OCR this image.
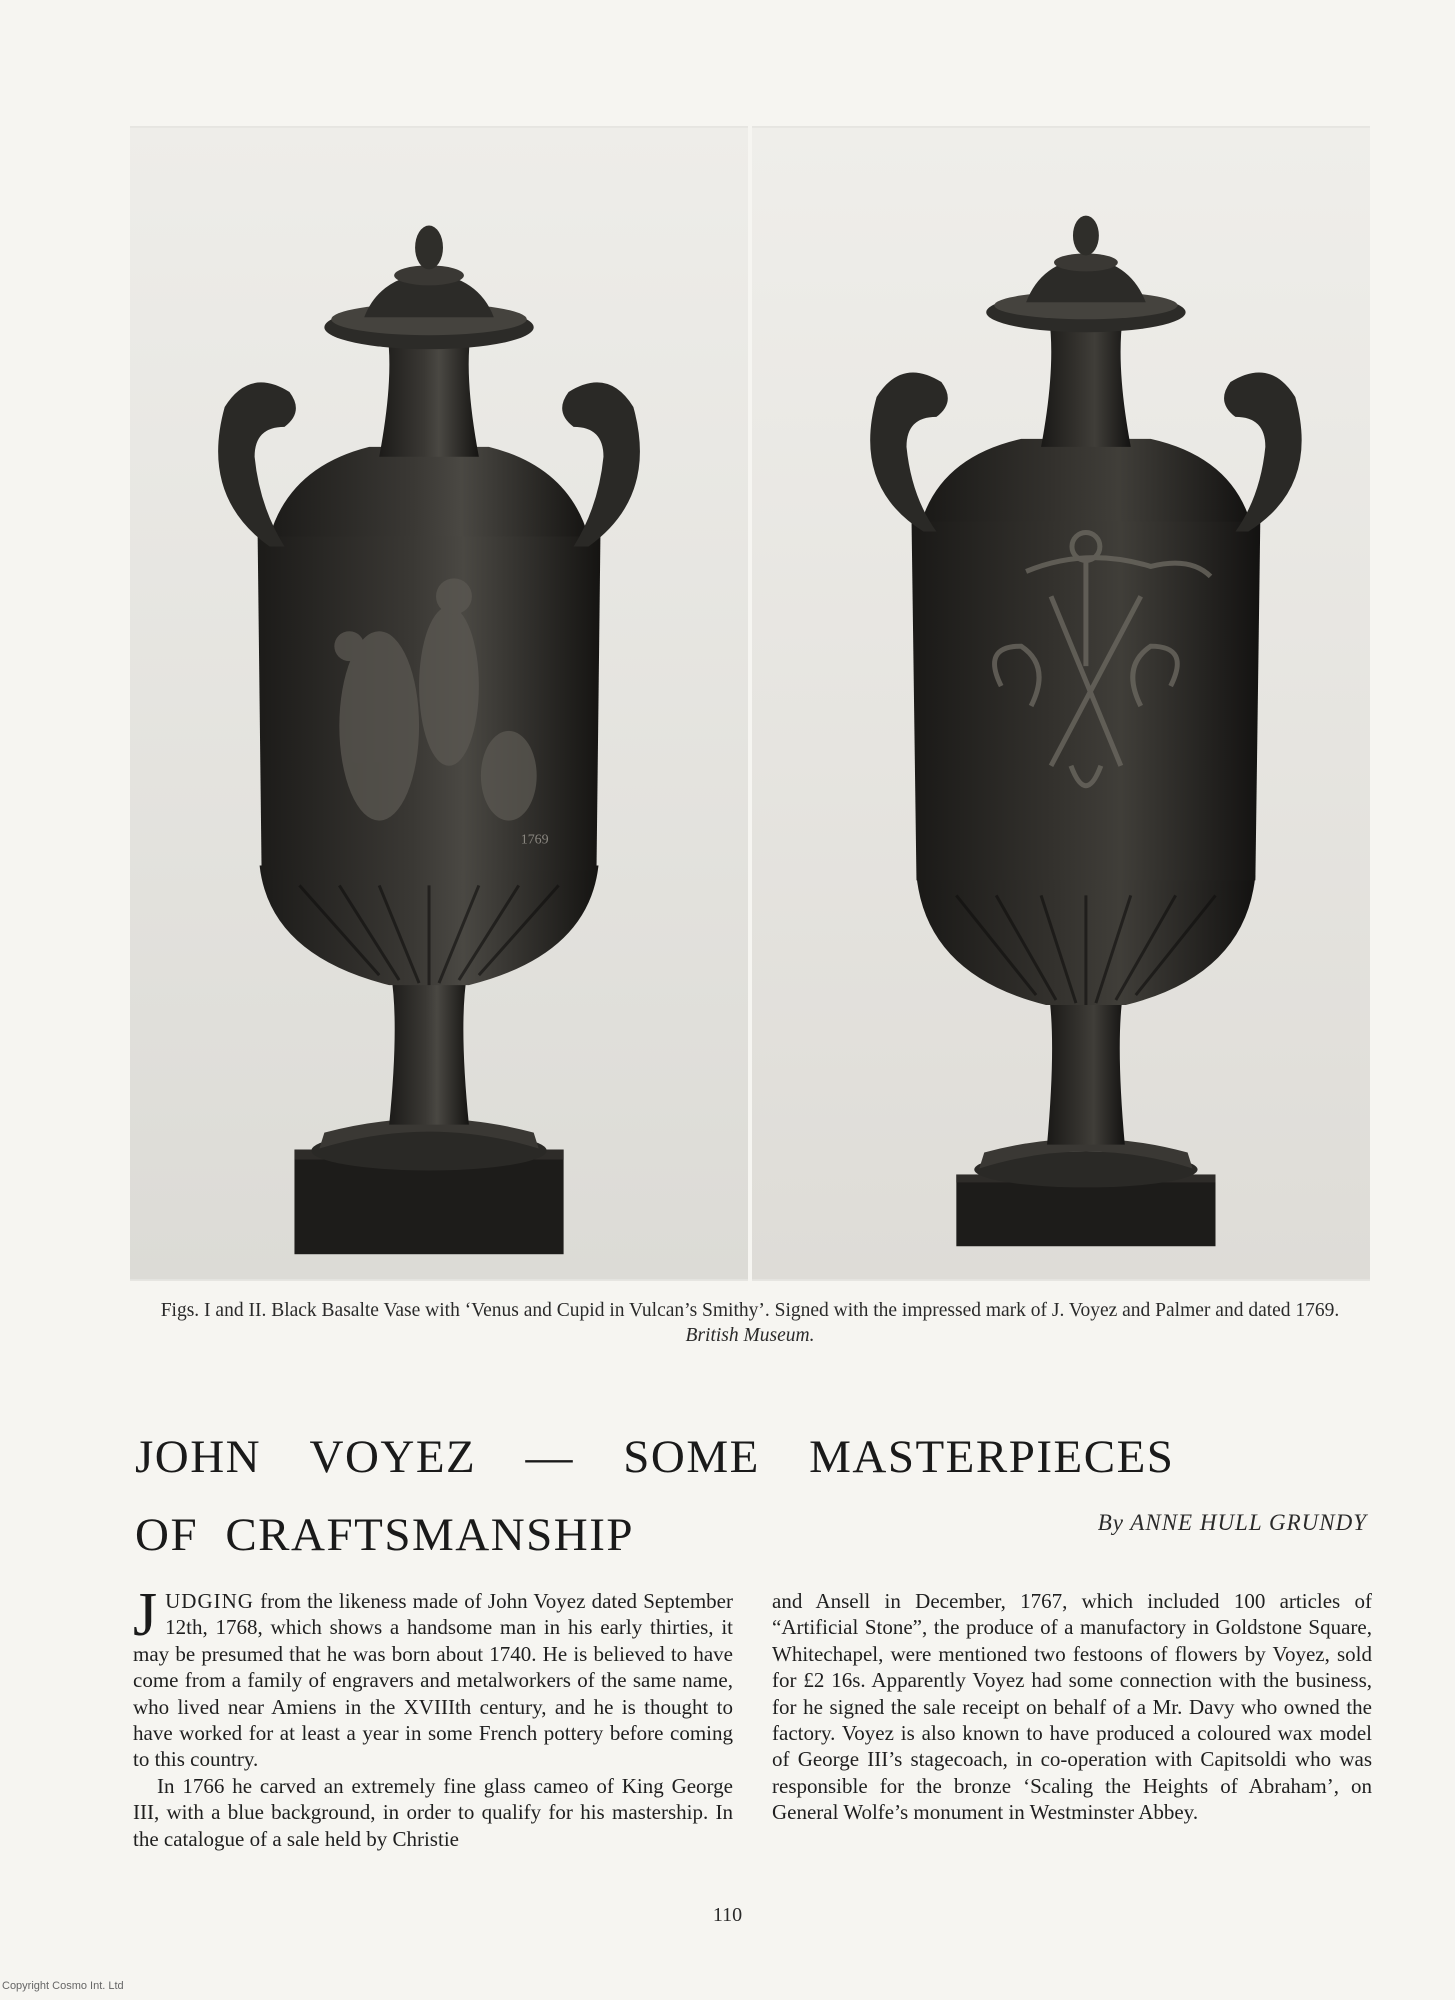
1769
Figs. I and II. Black Basalte Vase with ‘Venus and Cupid in Vulcan’s Smithy’. Signed with the impressed mark of J. Voyez and Palmer and dated 1769.
British Museum.
JOHN VOYEZ — SOME MASTERPIECES
OF CRAFTSMANSHIP	By ANNE HULL GRUNDY

JUDGING from the likeness made of John Voyez dated September 12th, 1768, which shows a handsome man in his early thirties, it may be presumed that he was born about 1740. He is believed to have come from a family of engravers and metalworkers of the same name, who lived near Amiens in the XVIIIth century, and he is thought to have worked for at least a year in some French pottery before coming to this country.

In 1766 he carved an extremely fine glass cameo of King George III, with a blue background, in order to qualify for his mastership. In the catalogue of a sale held by Christie

and Ansell in December, 1767, which included 100 articles of “Artificial Stone”, the produce of a manufactory in Goldstone Square, Whitechapel, were mentioned two festoons of flowers by Voyez, sold for £2 16s. Apparently Voyez had some connection with the business, for he signed the sale receipt on behalf of a Mr. Davy who owned the factory. Voyez is also known to have produced a coloured wax model of George III’s stagecoach, in co-operation with Capitsoldi who was responsible for the bronze ‘Scaling the Heights of Abraham’, on General Wolfe’s monument in Westminster Abbey.

110
Copyright Cosmo Int. Ltd
